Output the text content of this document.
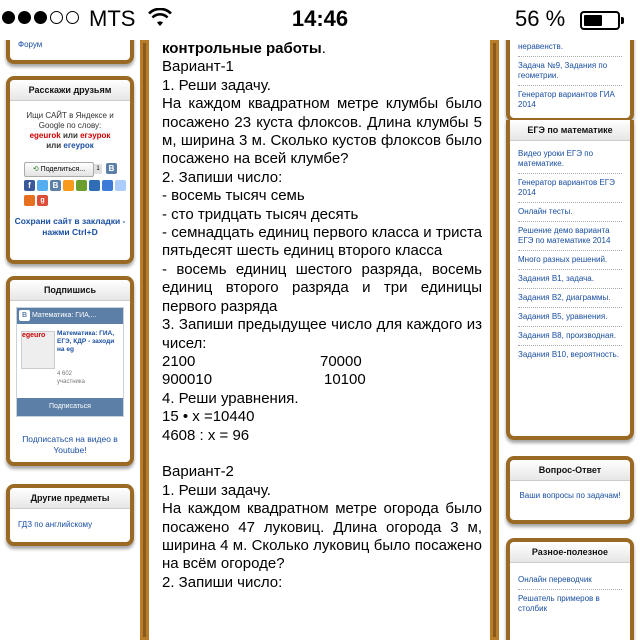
MTS	14:46	56 %
Форум
Расскажи друзьям
Ищи САЙТ в Яндексе и Google по слову:
egeurok или егэурок
или егeурок
⟲ Поделиться...	1	B
f	B
g
Сохрани сайт в закладки - нажми Ctrl+D
Подпишись
B Математика: ГИА,...
egeuro	Математика: ГИА, ЕГЭ, КДР - заходи на eg
4 602
участника
Подписаться
Подписаться на видео в Youtube!
Другие предметы
ГДЗ по английскому

контрольные работы.

Вариант-1

1. Реши задачу.

На каждом квадратном метре клумбы было посажено 23 куста флоксов. Длина клумбы 5 м, ширина 3 м. Сколько кустов флоксов было посажено на всей клумбе?

2. Запиши число:

- восемь тысяч семь

- сто тридцать тысяч десять

- семнадцать единиц первого класса и триста пятьдесят шесть единиц второго класса

- восемь единиц шестого разряда, восемь единиц второго разряда и три единицы первого разряда

3. Запиши предыдущее число для каждого из чисел:

2100	70000
900010	10100

4. Реши уравнения.

15 • x =10440

4608 : x = 96

Вариант-2

1. Реши задачу.

На каждом квадратном метре огорода было посажено 47 луковиц. Длина огорода 3 м, ширина 4 м. Сколько луковиц было посажено на всём огороде?

2. Запиши число:

неравенств.
Задача №9, Задания по геометрии.
Генератор вариантов ГИА 2014
ЕГЭ по математике
Видео уроки ЕГЭ по математике.
Генератор вариантов ЕГЭ 2014
Онлайн тесты.
Решение демо варианта ЕГЭ по математике 2014
Много разных решений.
Задания B1, задача.
Задания B2, диаграммы.
Задания B5, уравнения.
Задания B8, производная.
Задания B10, вероятность.
Вопрос-Ответ
Ваши вопросы по задачам!
Разное-полезное
Онлайн переводчик
Решатель примеров в столбик
